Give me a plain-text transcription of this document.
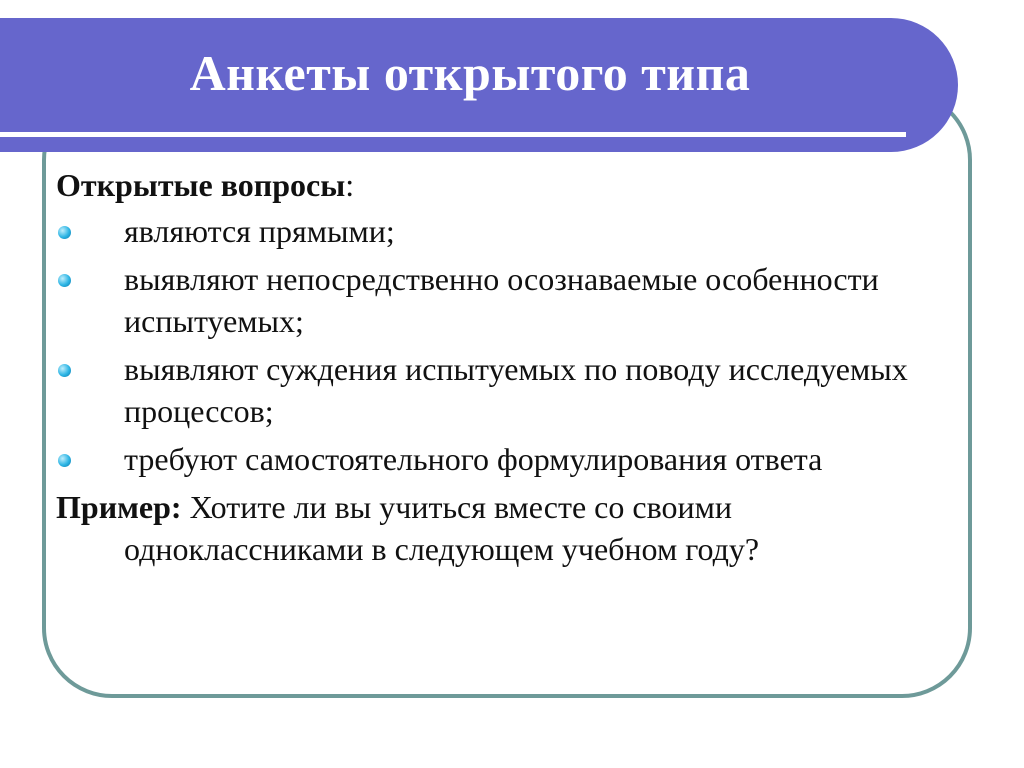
Анкеты открытого типа
Открытые вопросы:
являются прямыми;
выявляют непосредственно осознаваемые особенности испытуемых;
выявляют суждения испытуемых по поводу исследуемых процессов;
требуют самостоятельного формулирования ответа
Пример: Хотите ли вы учиться вместе со своими одноклассниками в следующем учебном году?
